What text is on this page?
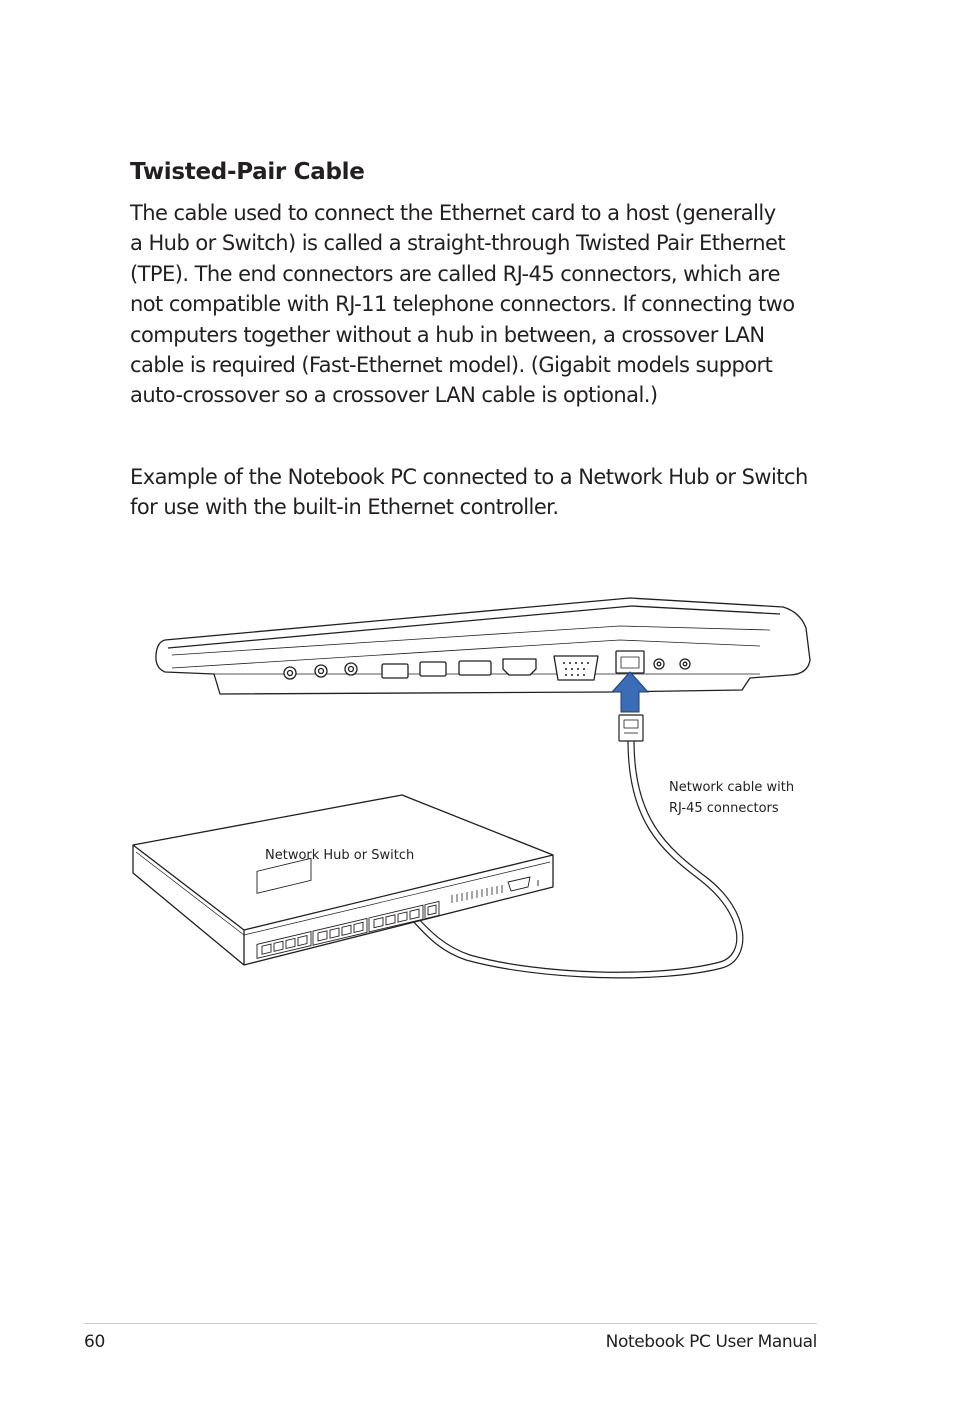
Twisted-Pair Cable

The cable used to connect the Ethernet card to a host (generally
a Hub or Switch) is called a straight-through Twisted Pair Ethernet
(TPE). The end connectors are called RJ-45 connectors, which are
not compatible with RJ-11 telephone connectors. If connecting two
computers together without a hub in between, a crossover LAN
cable is required (Fast-Ethernet model). (Gigabit models support
auto-crossover so a crossover LAN cable is optional.)

Example of the Notebook PC connected to a Network Hub or Switch
for use with the built-in Ethernet controller.

Network cable with RJ-45 connectors
Network Hub or Switch
60	Notebook PC User Manual
